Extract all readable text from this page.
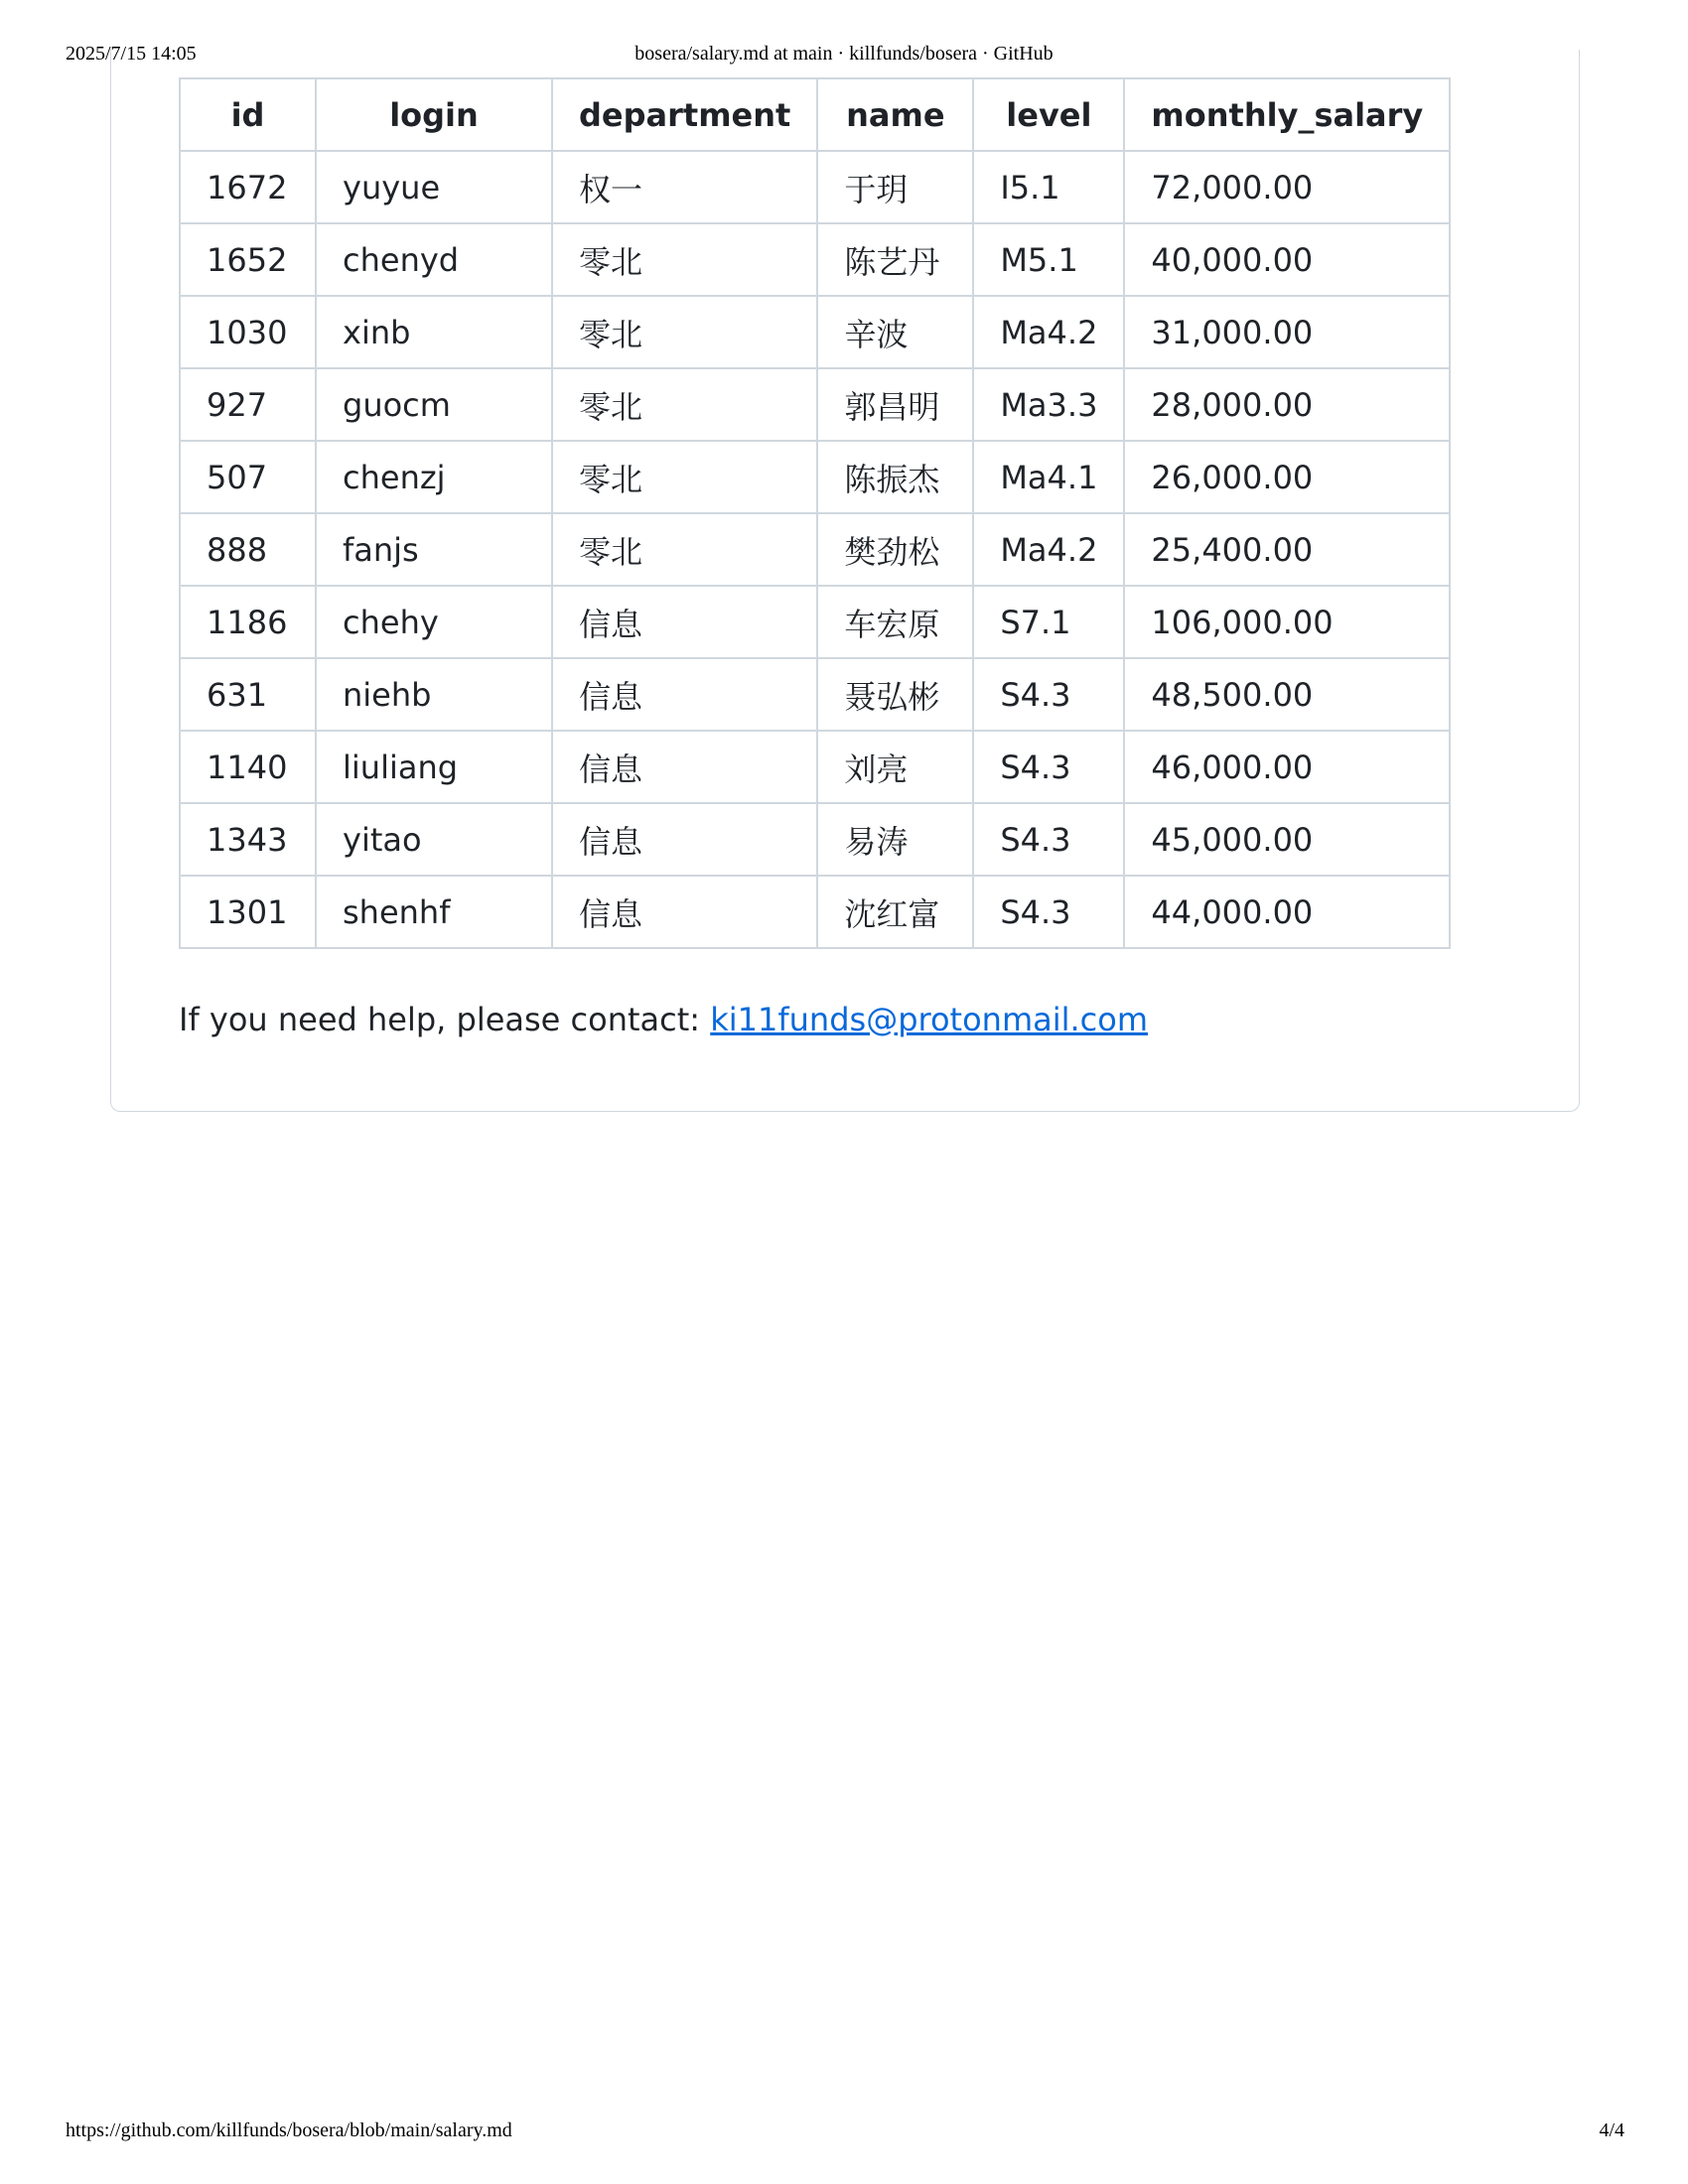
2025/7/15 14:05	bosera/salary.md at main · killfunds/bosera · GitHub
id	login	department	name	level	monthly_salary
1672	yuyue	权一	于玥	I5.1	72,000.00
1652	chenyd	零北	陈艺丹	M5.1	40,000.00
1030	xinb	零北	辛波	Ma4.2	31,000.00
927	guocm	零北	郭昌明	Ma3.3	28,000.00
507	chenzj	零北	陈振杰	Ma4.1	26,000.00
888	fanjs	零北	樊劲松	Ma4.2	25,400.00
1186	chehy	信息	车宏原	S7.1	106,000.00
631	niehb	信息	聂弘彬	S4.3	48,500.00
1140	liuliang	信息	刘亮	S4.3	46,000.00
1343	yitao	信息	易涛	S4.3	45,000.00
1301	shenhf	信息	沈红富	S4.3	44,000.00
If you need help, please contact: ki11funds@protonmail.com
https://github.com/killfunds/bosera/blob/main/salary.md	4/4
